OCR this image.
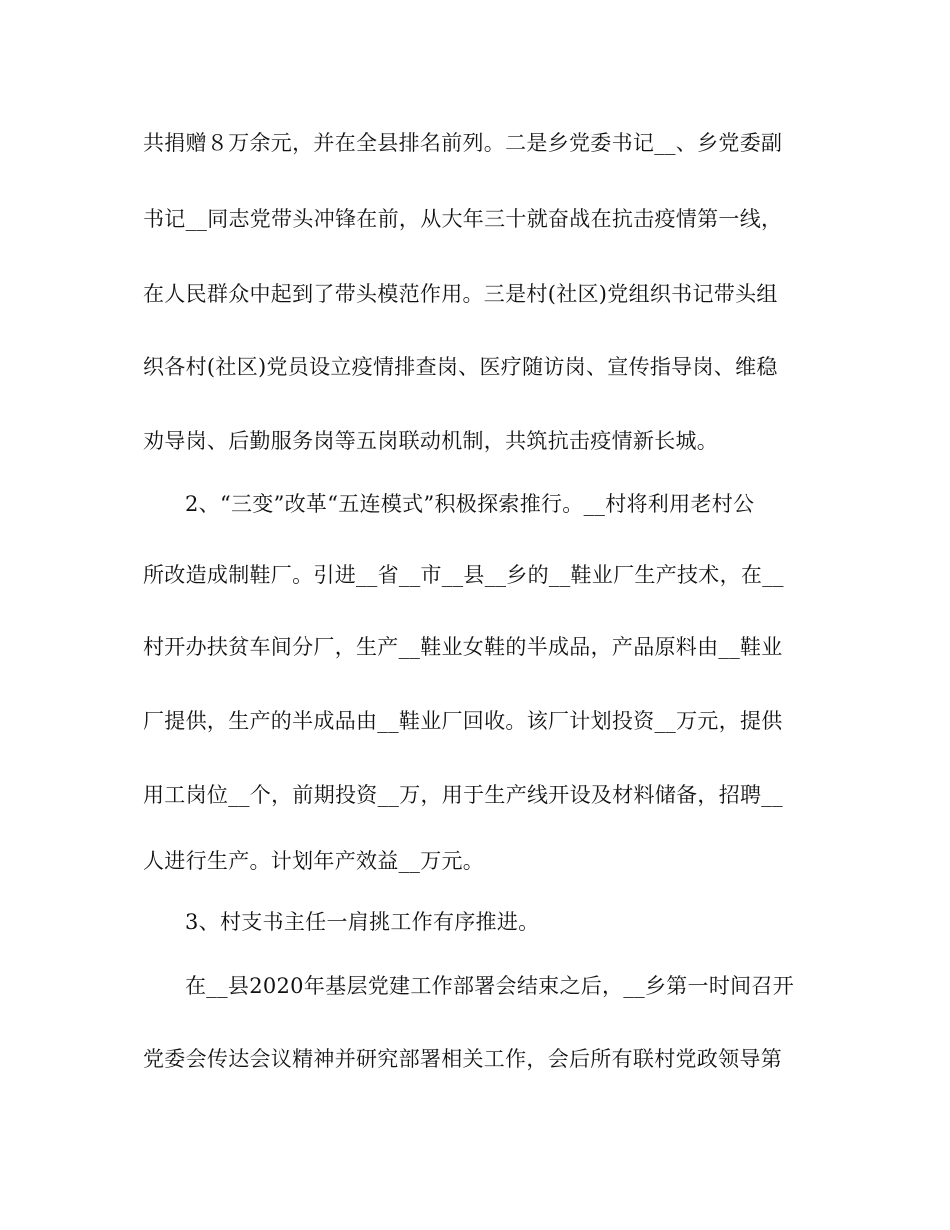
共捐赠８万余元，并在全县排名前列。二是乡党委书记__、乡党委副
书记__同志党带头冲锋在前，从大年三十就奋战在抗击疫情第一线，
在人民群众中起到了带头模范作用。三是村(社区)党组织书记带头组
织各村(社区)党员设立疫情排查岗、医疗随访岗、宣传指导岗、维稳
劝导岗、后勤服务岗等五岗联动机制，共筑抗击疫情新长城。
2、“三变”改革“五连模式”积极探索推行。__村将利用老村公
所改造成制鞋厂。引进__省__市__县__乡的__鞋业厂生产技术，在__
村开办扶贫车间分厂，生产__鞋业女鞋的半成品，产品原料由__鞋业
厂提供，生产的半成品由__鞋业厂回收。该厂计划投资__万元，提供
用工岗位__个，前期投资__万，用于生产线开设及材料储备，招聘__
人进行生产。计划年产效益__万元。
3、村支书主任一肩挑工作有序推进。
在__县2020年基层党建工作部署会结束之后，__乡第一时间召开
党委会传达会议精神并研究部署相关工作，会后所有联村党政领导第
